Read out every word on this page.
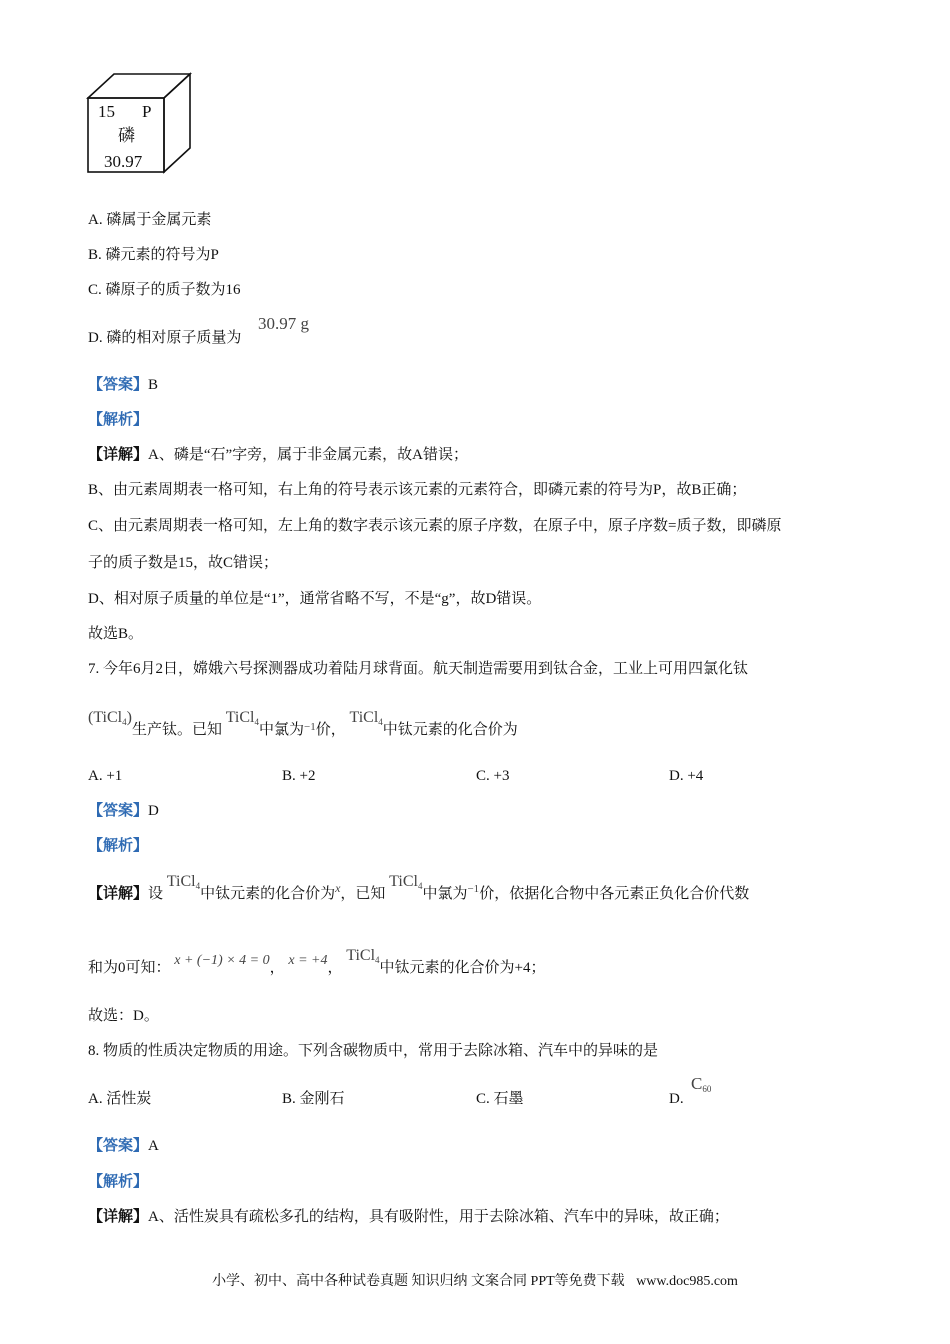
15 P
磷
30.97
A. 磷属于金属元素
B. 磷元素的符号为P
C. 磷原子的质子数为16
D. 磷的相对原子质量为
30.97 g
【答案】B
【解析】
【详解】A、磷是“石”字旁，属于非金属元素，故A错误；
B、由元素周期表一格可知，右上角的符号表示该元素的元素符合，即磷元素的符号为P，故B正确；
C、由元素周期表一格可知，左上角的数字表示该元素的原子序数，在原子中，原子序数=质子数，即磷原
子的质子数是15，故C错误；
D、相对原子质量的单位是“1”，通常省略不写，不是“g”，故D错误。
故选B。
7. 今年6月2日，嫦娥六号探测器成功着陆月球背面。航天制造需要用到钛合金，工业上可用四氯化钛
(TiCl$_4$)生产钛。已知 TiCl$_4$中氯为$^{-1}$价， TiCl$_4$中钛元素的化合价为
A. +1	B. +2	C. +3	D. +4
【答案】D
【解析】
【详解】设 TiCl$_4$中钛元素的化合价为$^x$，已知 TiCl$_4$中氯为$^{-1}$价，依据化合物中各元素正负化合价代数
和为0可知： x + (−1) × 4 = 0， x = +4， TiCl$_4$中钛元素的化合价为+4；
故选：D。
8. 物质的性质决定物质的用途。下列含碳物质中，常用于去除冰箱、汽车中的异味的是
A. 活性炭	B. 金刚石	C. 石墨	D.
$C_{60}$
【答案】A
【解析】
【详解】A、活性炭具有疏松多孔的结构，具有吸附性，用于去除冰箱、汽车中的异味，故正确；
小学、初中、高中各种试卷真题 知识归纳 文案合同 PPT等免费下载 www.doc985.com
